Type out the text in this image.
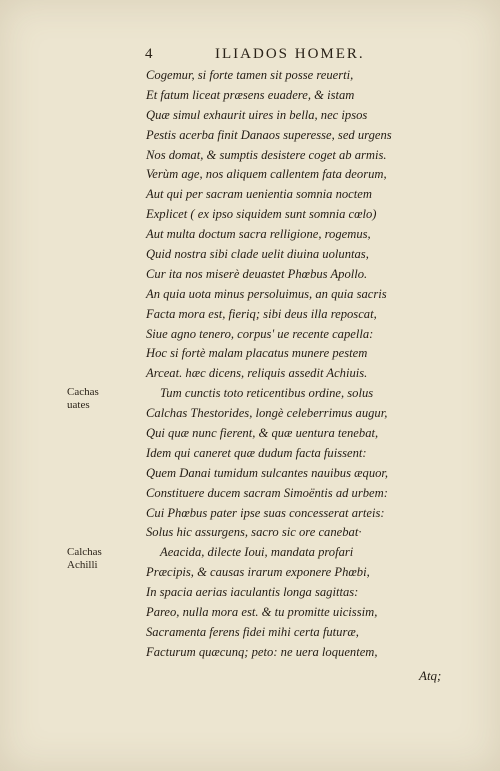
4	ILIADOS HOMER.
Cogemur, si forte tamen sit posse reuerti,
Et fatum liceat præsens euadere, & istam
Quæ simul exhaurit uires in bella, nec ipsos
Pestis acerba finit Danaos superesse, sed urgens
Nos domat, & sumptis desistere coget ab armis.
Verùm age, nos aliquem callentem fata deorum,
Aut qui per sacram uenientia somnia noctem
Explicet ( ex ipso siquidem sunt somnia cœlo)
Aut multa doctum sacra relligione, rogemus,
Quid nostra sibi clade uelit diuina uoluntas,
Cur ita nos miserè deuastet Phœbus Apollo.
An quia uota minus persoluimus, an quia sacris
Facta mora est, fieriq; sibi deus illa reposcat,
Siue agno tenero, corpus' ue recente capella:
Hoc si fortè malam placatus munere pestem
Arceat. hæc dicens, reliquis assedit Achiuis.
Tum cunctis toto reticentibus ordine, solus
Calchas Thestorides, longè celeberrimus augur,
Qui quæ nunc fierent, & quæ uentura tenebat,
Idem qui caneret quæ dudum facta fuissent:
Quem Danai tumidum sulcantes nauibus æquor,
Constituere ducem sacram Simoëntis ad urbem:
Cui Phœbus pater ipse suas concesserat arteis:
Solus hic assurgens, sacro sic ore canebat·
Aeacida, dilecte Ioui, mandata profari
Præcipis, & causas irarum exponere Phœbi,
In spacia aerias iaculantis longa sagittas:
Pareo, nulla mora est. & tu promitte uicissim,
Sacramenta ferens fidei mihi certa futuræ,
Facturum quæcunq; peto: ne uera loquentem,
Cachas
uates
Calchas
Achilli
Atq;
